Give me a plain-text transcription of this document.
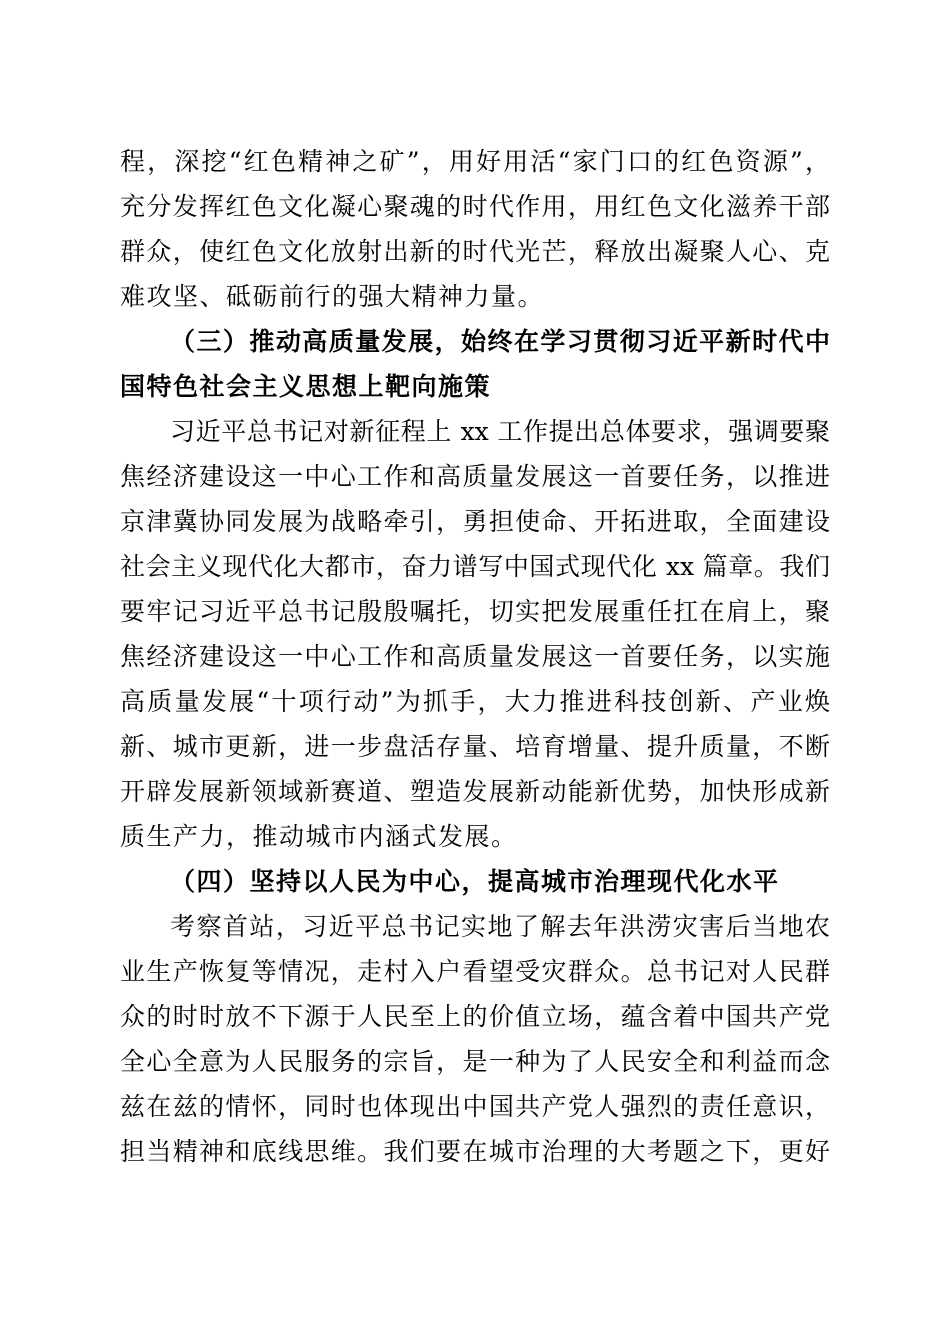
程，深挖“红色精神之矿”，用好用活“家门口的红色资源”，
充分发挥红色文化凝心聚魂的时代作用，用红色文化滋养干部
群众，使红色文化放射出新的时代光芒，释放出凝聚人心、克
难攻坚、砥砺前行的强大精神力量。
（三）推动高质量发展，始终在学习贯彻习近平新时代中
国特色社会主义思想上靶向施策
习近平总书记对新征程上 xx 工作提出总体要求，强调要聚
焦经济建设这一中心工作和高质量发展这一首要任务，以推进
京津冀协同发展为战略牵引，勇担使命、开拓进取，全面建设
社会主义现代化大都市，奋力谱写中国式现代化 xx 篇章。我们
要牢记习近平总书记殷殷嘱托，切实把发展重任扛在肩上，聚
焦经济建设这一中心工作和高质量发展这一首要任务，以实施
高质量发展“十项行动”为抓手，大力推进科技创新、产业焕
新、城市更新，进一步盘活存量、培育增量、提升质量，不断
开辟发展新领域新赛道、塑造发展新动能新优势，加快形成新
质生产力，推动城市内涵式发展。
（四）坚持以人民为中心，提高城市治理现代化水平
考察首站，习近平总书记实地了解去年洪涝灾害后当地农
业生产恢复等情况，走村入户看望受灾群众。总书记对人民群
众的时时放不下源于人民至上的价值立场，蕴含着中国共产党
全心全意为人民服务的宗旨，是一种为了人民安全和利益而念
兹在兹的情怀，同时也体现出中国共产党人强烈的责任意识，
担当精神和底线思维。我们要在城市治理的大考题之下，更好
